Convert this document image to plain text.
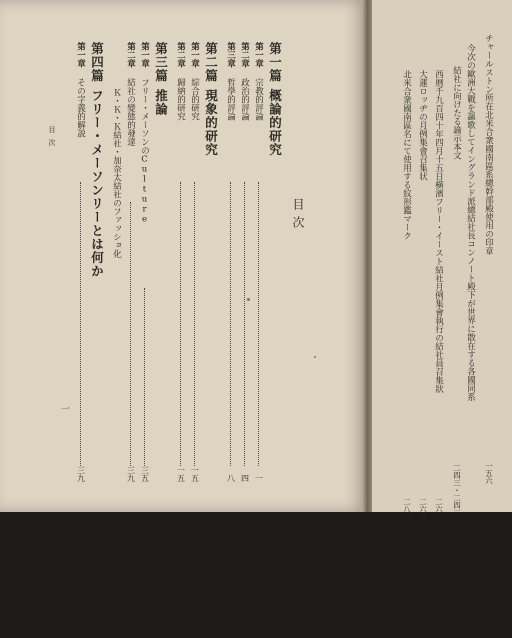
目次
第一篇概論的研究
第一章宗教的評論
一
第二章政治的評論
四
第三章哲學的評論
八
第二篇現象的研究
第一章綜合的研究
一五
第二章歸納的研究
一五
第三篇推論
第一章フリー・メーソンのCulture
三五
第二章結社の變態的發達
三九
Ｋ・Ｋ・Ｋ結社・加奈太結社のファッショ化
第四篇フリー・メーソンリーとは何か
第一章その字義的解説
三九
目次
一
チャールストン所在北米合衆國南區系總幹部殿使用の印章
一五六
今次の歐洲大戰を謳歌してイングランド派總結社長コンノート殿下が世界に散在する各國同系
結社に向けたる諭示本文
二四三・二四三
西暦千九百四十年四月十五日横濱フリー・イースト結社月例集會執行の結社員召集狀
二六一
大蓮ロッヂの月例集會召集状
二六五
北米合衆國南區名にて使用する紋形鑑マーク
二八六
